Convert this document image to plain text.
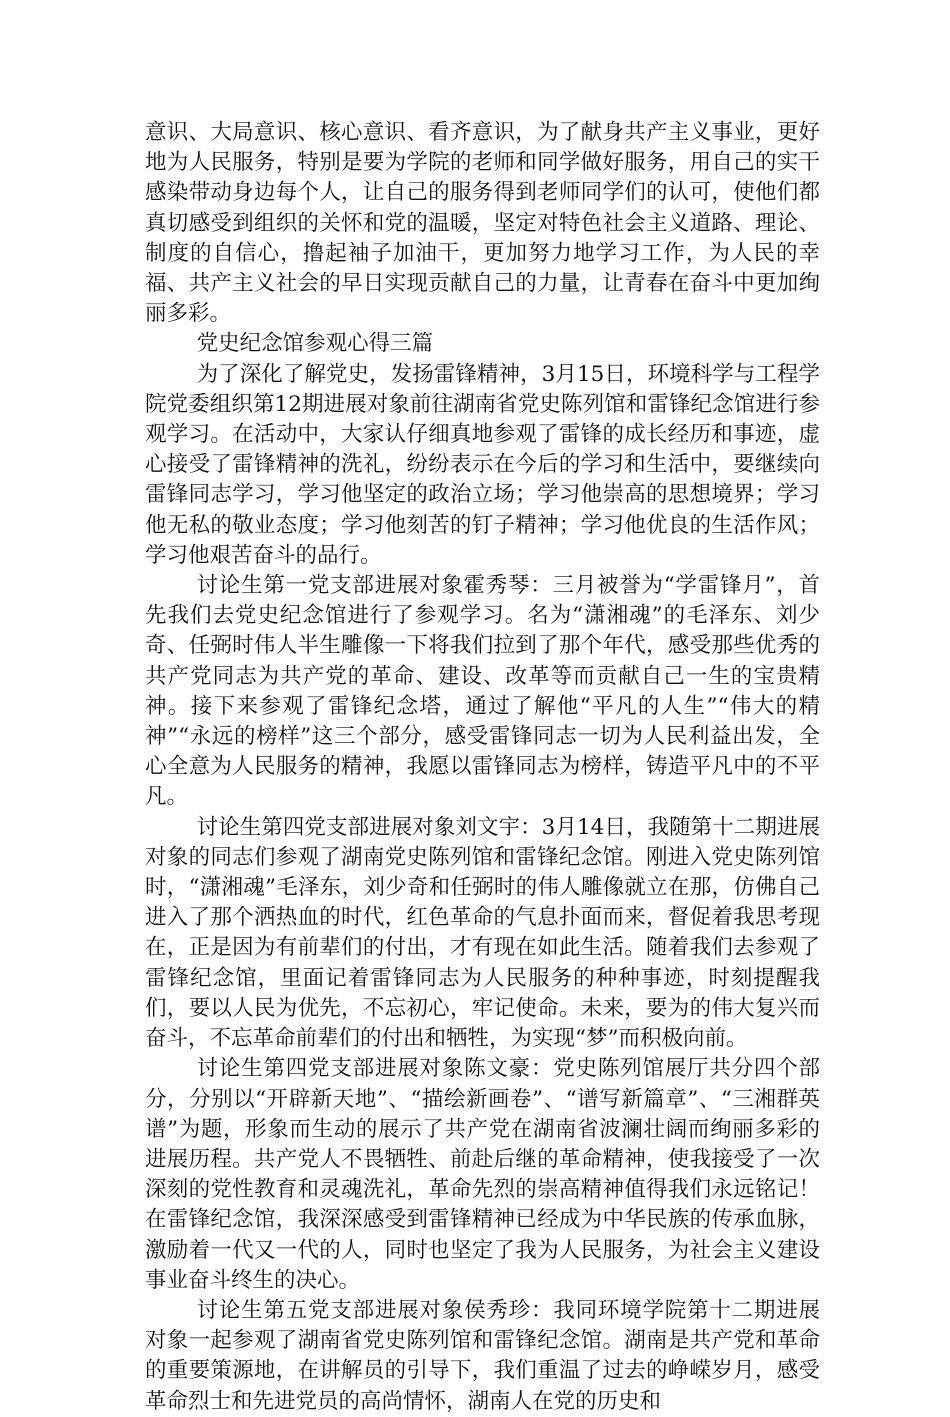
意识、大局意识、核心意识、看齐意识，为了献身共产主义事业，更好地为人民服务，特别是要为学院的老师和同学做好服务，用自己的实干感染带动身边每个人，让自己的服务得到老师同学们的认可，使他们都真切感受到组织的关怀和党的温暖，坚定对特色社会主义道路、理论、制度的自信心，撸起袖子加油干，更加努力地学习工作，为人民的幸福、共产主义社会的早日实现贡献自己的力量，让青春在奋斗中更加绚丽多彩。

党史纪念馆参观心得三篇

为了深化了解党史，发扬雷锋精神，3月15日，环境科学与工程学院党委组织第12期进展对象前往湖南省党史陈列馆和雷锋纪念馆进行参观学习。在活动中，大家认仔细真地参观了雷锋的成长经历和事迹，虚心接受了雷锋精神的洗礼，纷纷表示在今后的学习和生活中，要继续向雷锋同志学习，学习他坚定的政治立场；学习他崇高的思想境界；学习他无私的敬业态度；学习他刻苦的钉子精神；学习他优良的生活作风；学习他艰苦奋斗的品行。

讨论生第一党支部进展对象霍秀琴：三月被誉为“学雷锋月”，首先我们去党史纪念馆进行了参观学习。名为“潇湘魂”的毛泽东、刘少奇、任弼时伟人半生雕像一下将我们拉到了那个年代，感受那些优秀的共产党同志为共产党的革命、建设、改革等而贡献自己一生的宝贵精神。接下来参观了雷锋纪念塔，通过了解他“平凡的人生”“伟大的精神”“永远的榜样”这三个部分，感受雷锋同志一切为人民利益出发，全心全意为人民服务的精神，我愿以雷锋同志为榜样，铸造平凡中的不平凡。

讨论生第四党支部进展对象刘文宇：3月14日，我随第十二期进展对象的同志们参观了湖南党史陈列馆和雷锋纪念馆。刚进入党史陈列馆时，“潇湘魂”毛泽东，刘少奇和任弼时的伟人雕像就立在那，仿佛自己进入了那个洒热血的时代，红色革命的气息扑面而来，督促着我思考现在，正是因为有前辈们的付出，才有现在如此生活。随着我们去参观了雷锋纪念馆，里面记着雷锋同志为人民服务的种种事迹，时刻提醒我们，要以人民为优先，不忘初心，牢记使命。未来，要为的伟大复兴而奋斗，不忘革命前辈们的付出和牺牲，为实现“梦”而积极向前。

讨论生第四党支部进展对象陈文豪：党史陈列馆展厅共分四个部分，分别以“开辟新天地”、“描绘新画卷”、“谱写新篇章”、“三湘群英谱”为题，形象而生动的展示了共产党在湖南省波澜壮阔而绚丽多彩的进展历程。共产党人不畏牺牲、前赴后继的革命精神，使我接受了一次深刻的党性教育和灵魂洗礼，革命先烈的崇高精神值得我们永远铭记！在雷锋纪念馆，我深深感受到雷锋精神已经成为中华民族的传承血脉，激励着一代又一代的人，同时也坚定了我为人民服务，为社会主义建设事业奋斗终生的决心。

讨论生第五党支部进展对象侯秀珍：我同环境学院第十二期进展对象一起参观了湖南省党史陈列馆和雷锋纪念馆。湖南是共产党和革命的重要策源地，在讲解员的引导下，我们重温了过去的峥嵘岁月，感受革命烈士和先进党员的高尚情怀，湖南人在党的历史和
